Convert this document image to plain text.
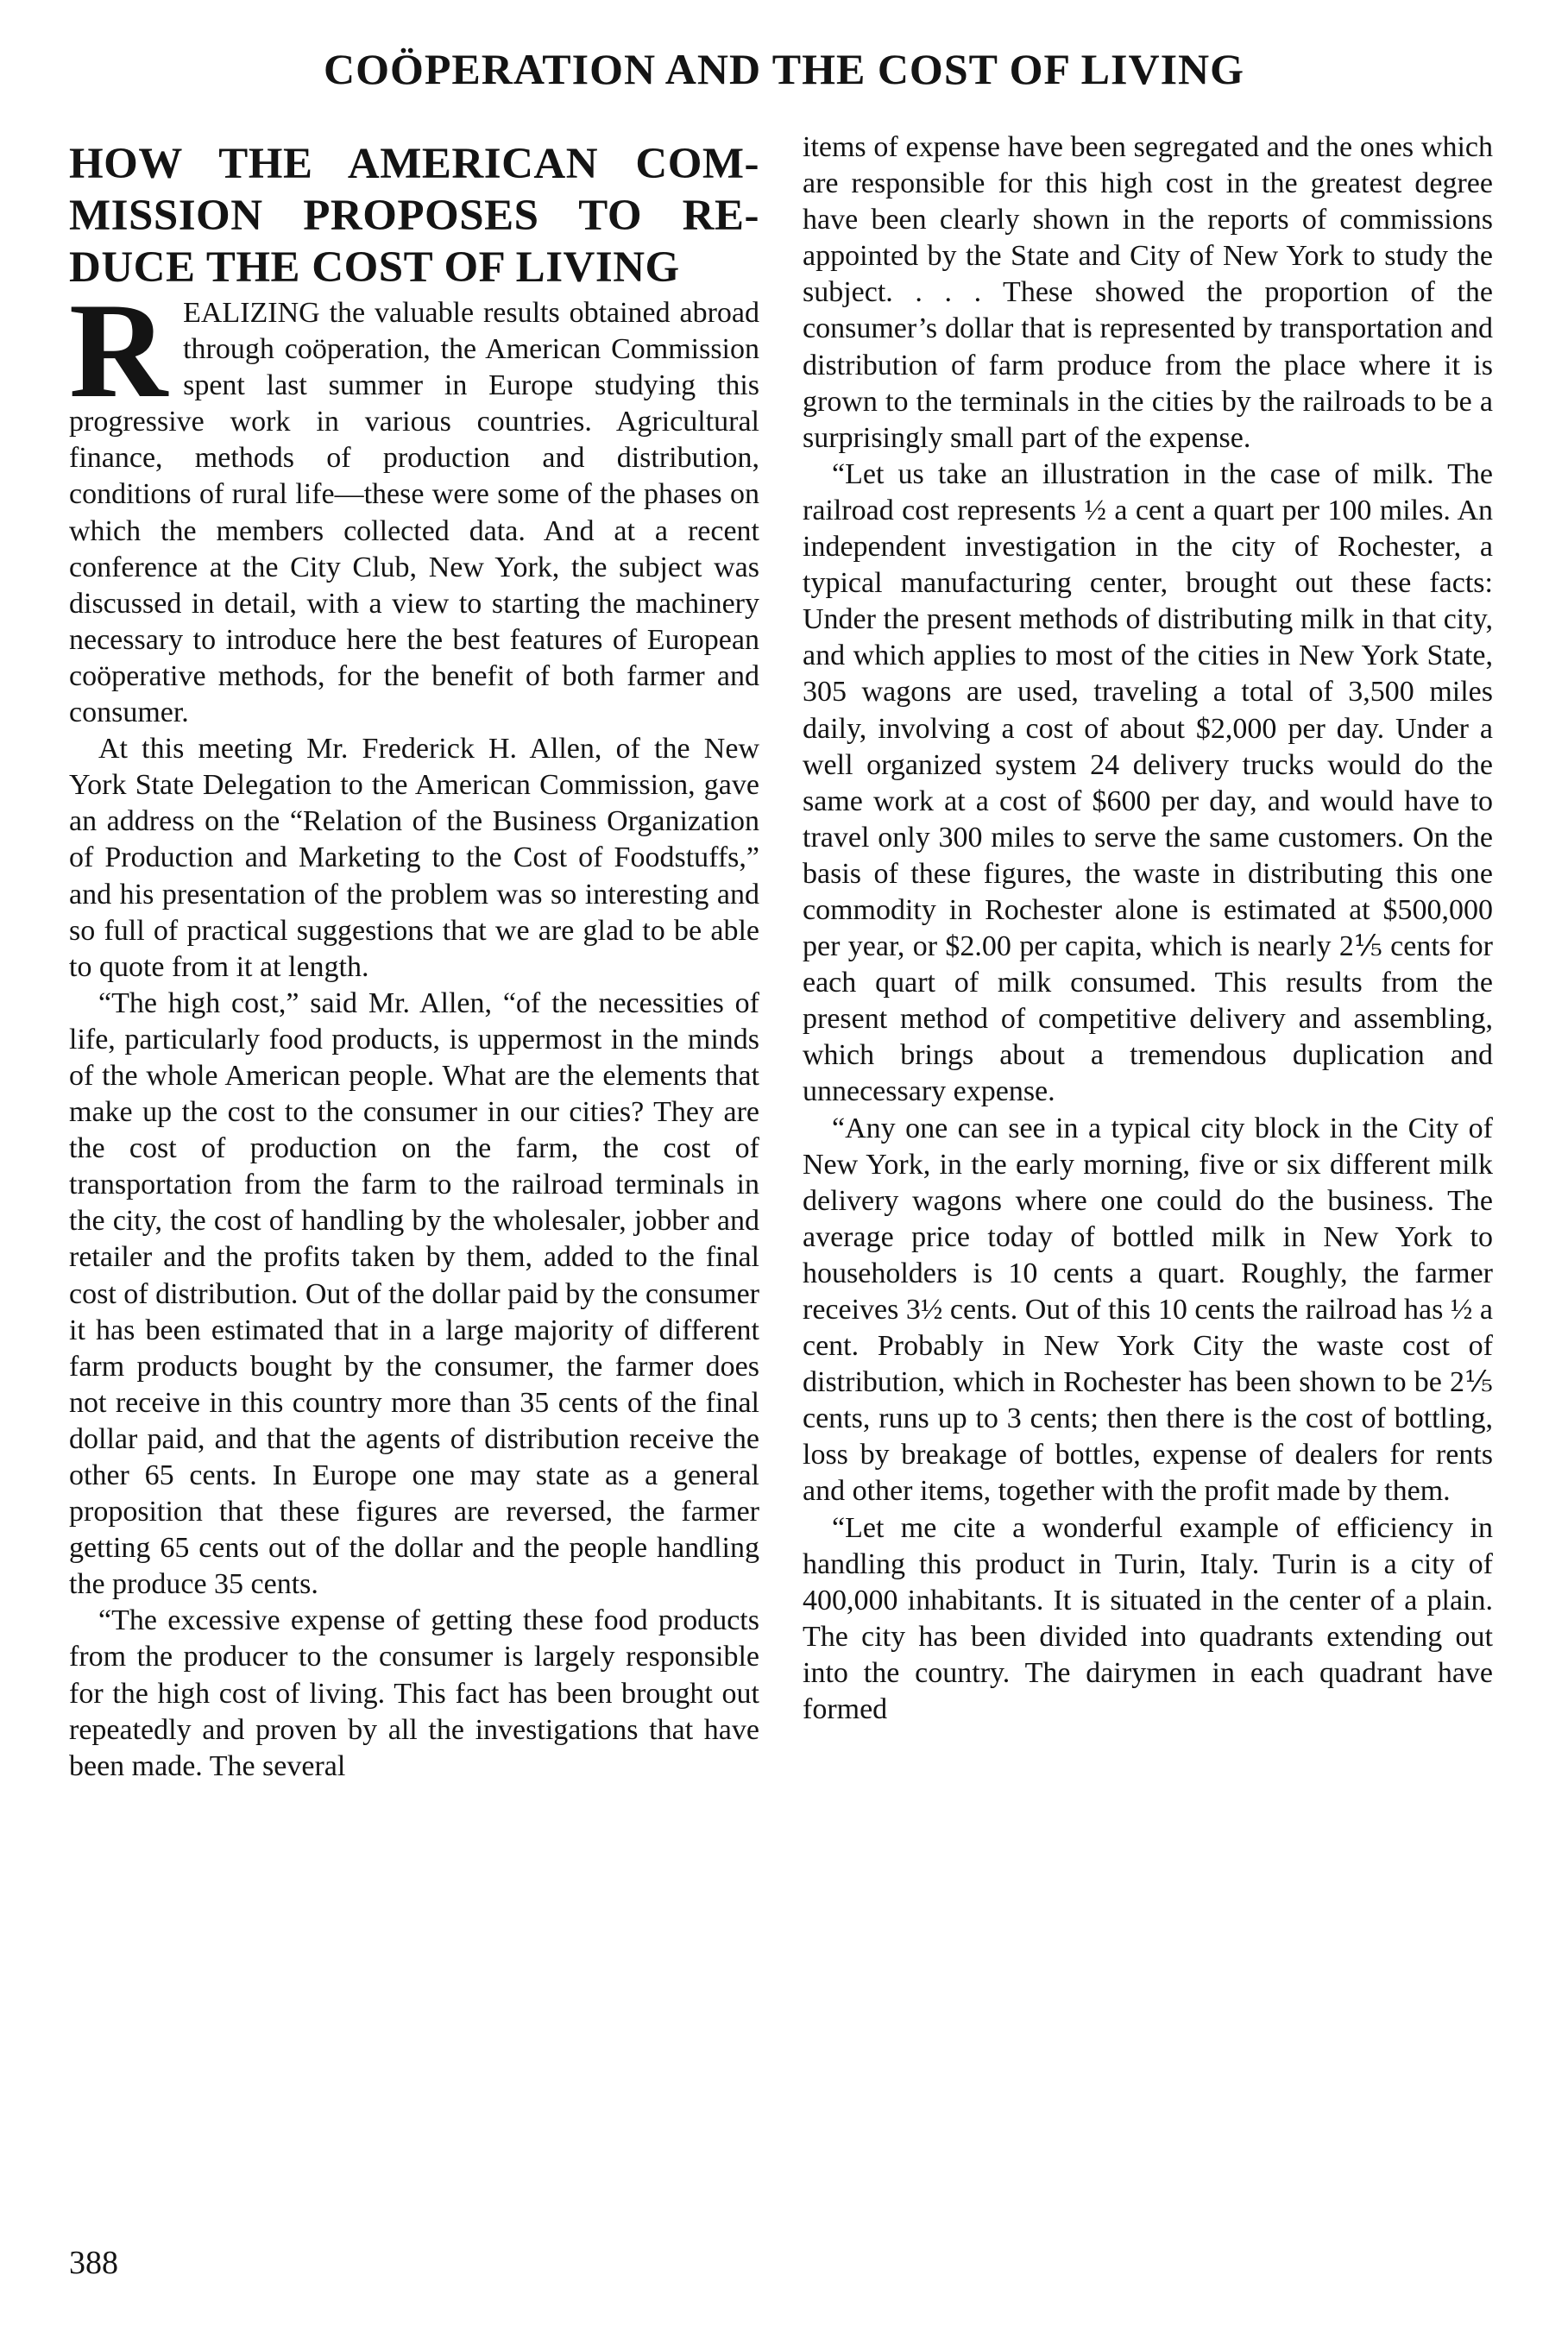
COÖPERATION AND THE COST OF LIVING
HOW THE AMERICAN COM-
MISSION PROPOSES TO RE-
DUCE THE COST OF LIVING

REALIZING the valuable results obtained abroad through coöperation, the American Commission spent last summer in Europe studying this progressive work in various countries. Agricultural finance, methods of production and distribution, conditions of rural life—these were some of the phases on which the members collected data. And at a recent conference at the City Club, New York, the subject was discussed in detail, with a view to starting the machinery necessary to introduce here the best features of European coöperative methods, for the benefit of both farmer and consumer.

At this meeting Mr. Frederick H. Allen, of the New York State Delegation to the American Commission, gave an address on the “Relation of the Business Organization of Production and Marketing to the Cost of Foodstuffs,” and his presentation of the problem was so interesting and so full of practical suggestions that we are glad to be able to quote from it at length.

“The high cost,” said Mr. Allen, “of the necessities of life, particularly food products, is uppermost in the minds of the whole American people. What are the elements that make up the cost to the consumer in our cities? They are the cost of production on the farm, the cost of transportation from the farm to the railroad terminals in the city, the cost of handling by the wholesaler, jobber and retailer and the profits taken by them, added to the final cost of distribution. Out of the dollar paid by the consumer it has been estimated that in a large majority of different farm products bought by the consumer, the farmer does not receive in this country more than 35 cents of the final dollar paid, and that the agents of distribution receive the other 65 cents. In Europe one may state as a general proposition that these figures are reversed, the farmer getting 65 cents out of the dollar and the people handling the produce 35 cents.

“The excessive expense of getting these food products from the producer to the consumer is largely responsible for the high cost of living. This fact has been brought out repeatedly and proven by all the investigations that have been made. The several

items of expense have been segregated and the ones which are responsible for this high cost in the greatest degree have been clearly shown in the reports of commissions appointed by the State and City of New York to study the subject. . . . These showed the proportion of the consumer’s dollar that is represented by transportation and distribution of farm produce from the place where it is grown to the terminals in the cities by the railroads to be a surprisingly small part of the expense.

“Let us take an illustration in the case of milk. The railroad cost represents ½ a cent a quart per 100 miles. An independent investigation in the city of Rochester, a typical manufacturing center, brought out these facts: Under the present methods of distributing milk in that city, and which applies to most of the cities in New York State, 305 wagons are used, traveling a total of 3,500 miles daily, involving a cost of about $2,000 per day. Under a well organized system 24 delivery trucks would do the same work at a cost of $600 per day, and would have to travel only 300 miles to serve the same customers. On the basis of these figures, the waste in distributing this one commodity in Rochester alone is estimated at $500,000 per year, or $2.00 per capita, which is nearly 2⅕ cents for each quart of milk consumed. This results from the present method of competitive delivery and assembling, which brings about a tremendous duplication and unnecessary expense.

“Any one can see in a typical city block in the City of New York, in the early morning, five or six different milk delivery wagons where one could do the business. The average price today of bottled milk in New York to householders is 10 cents a quart. Roughly, the farmer receives 3½ cents. Out of this 10 cents the railroad has ½ a cent. Probably in New York City the waste cost of distribution, which in Rochester has been shown to be 2⅕ cents, runs up to 3 cents; then there is the cost of bottling, loss by breakage of bottles, expense of dealers for rents and other items, together with the profit made by them.

“Let me cite a wonderful example of efficiency in handling this product in Turin, Italy. Turin is a city of 400,000 inhabitants. It is situated in the center of a plain. The city has been divided into quadrants extending out into the country. The dairymen in each quadrant have formed

388
